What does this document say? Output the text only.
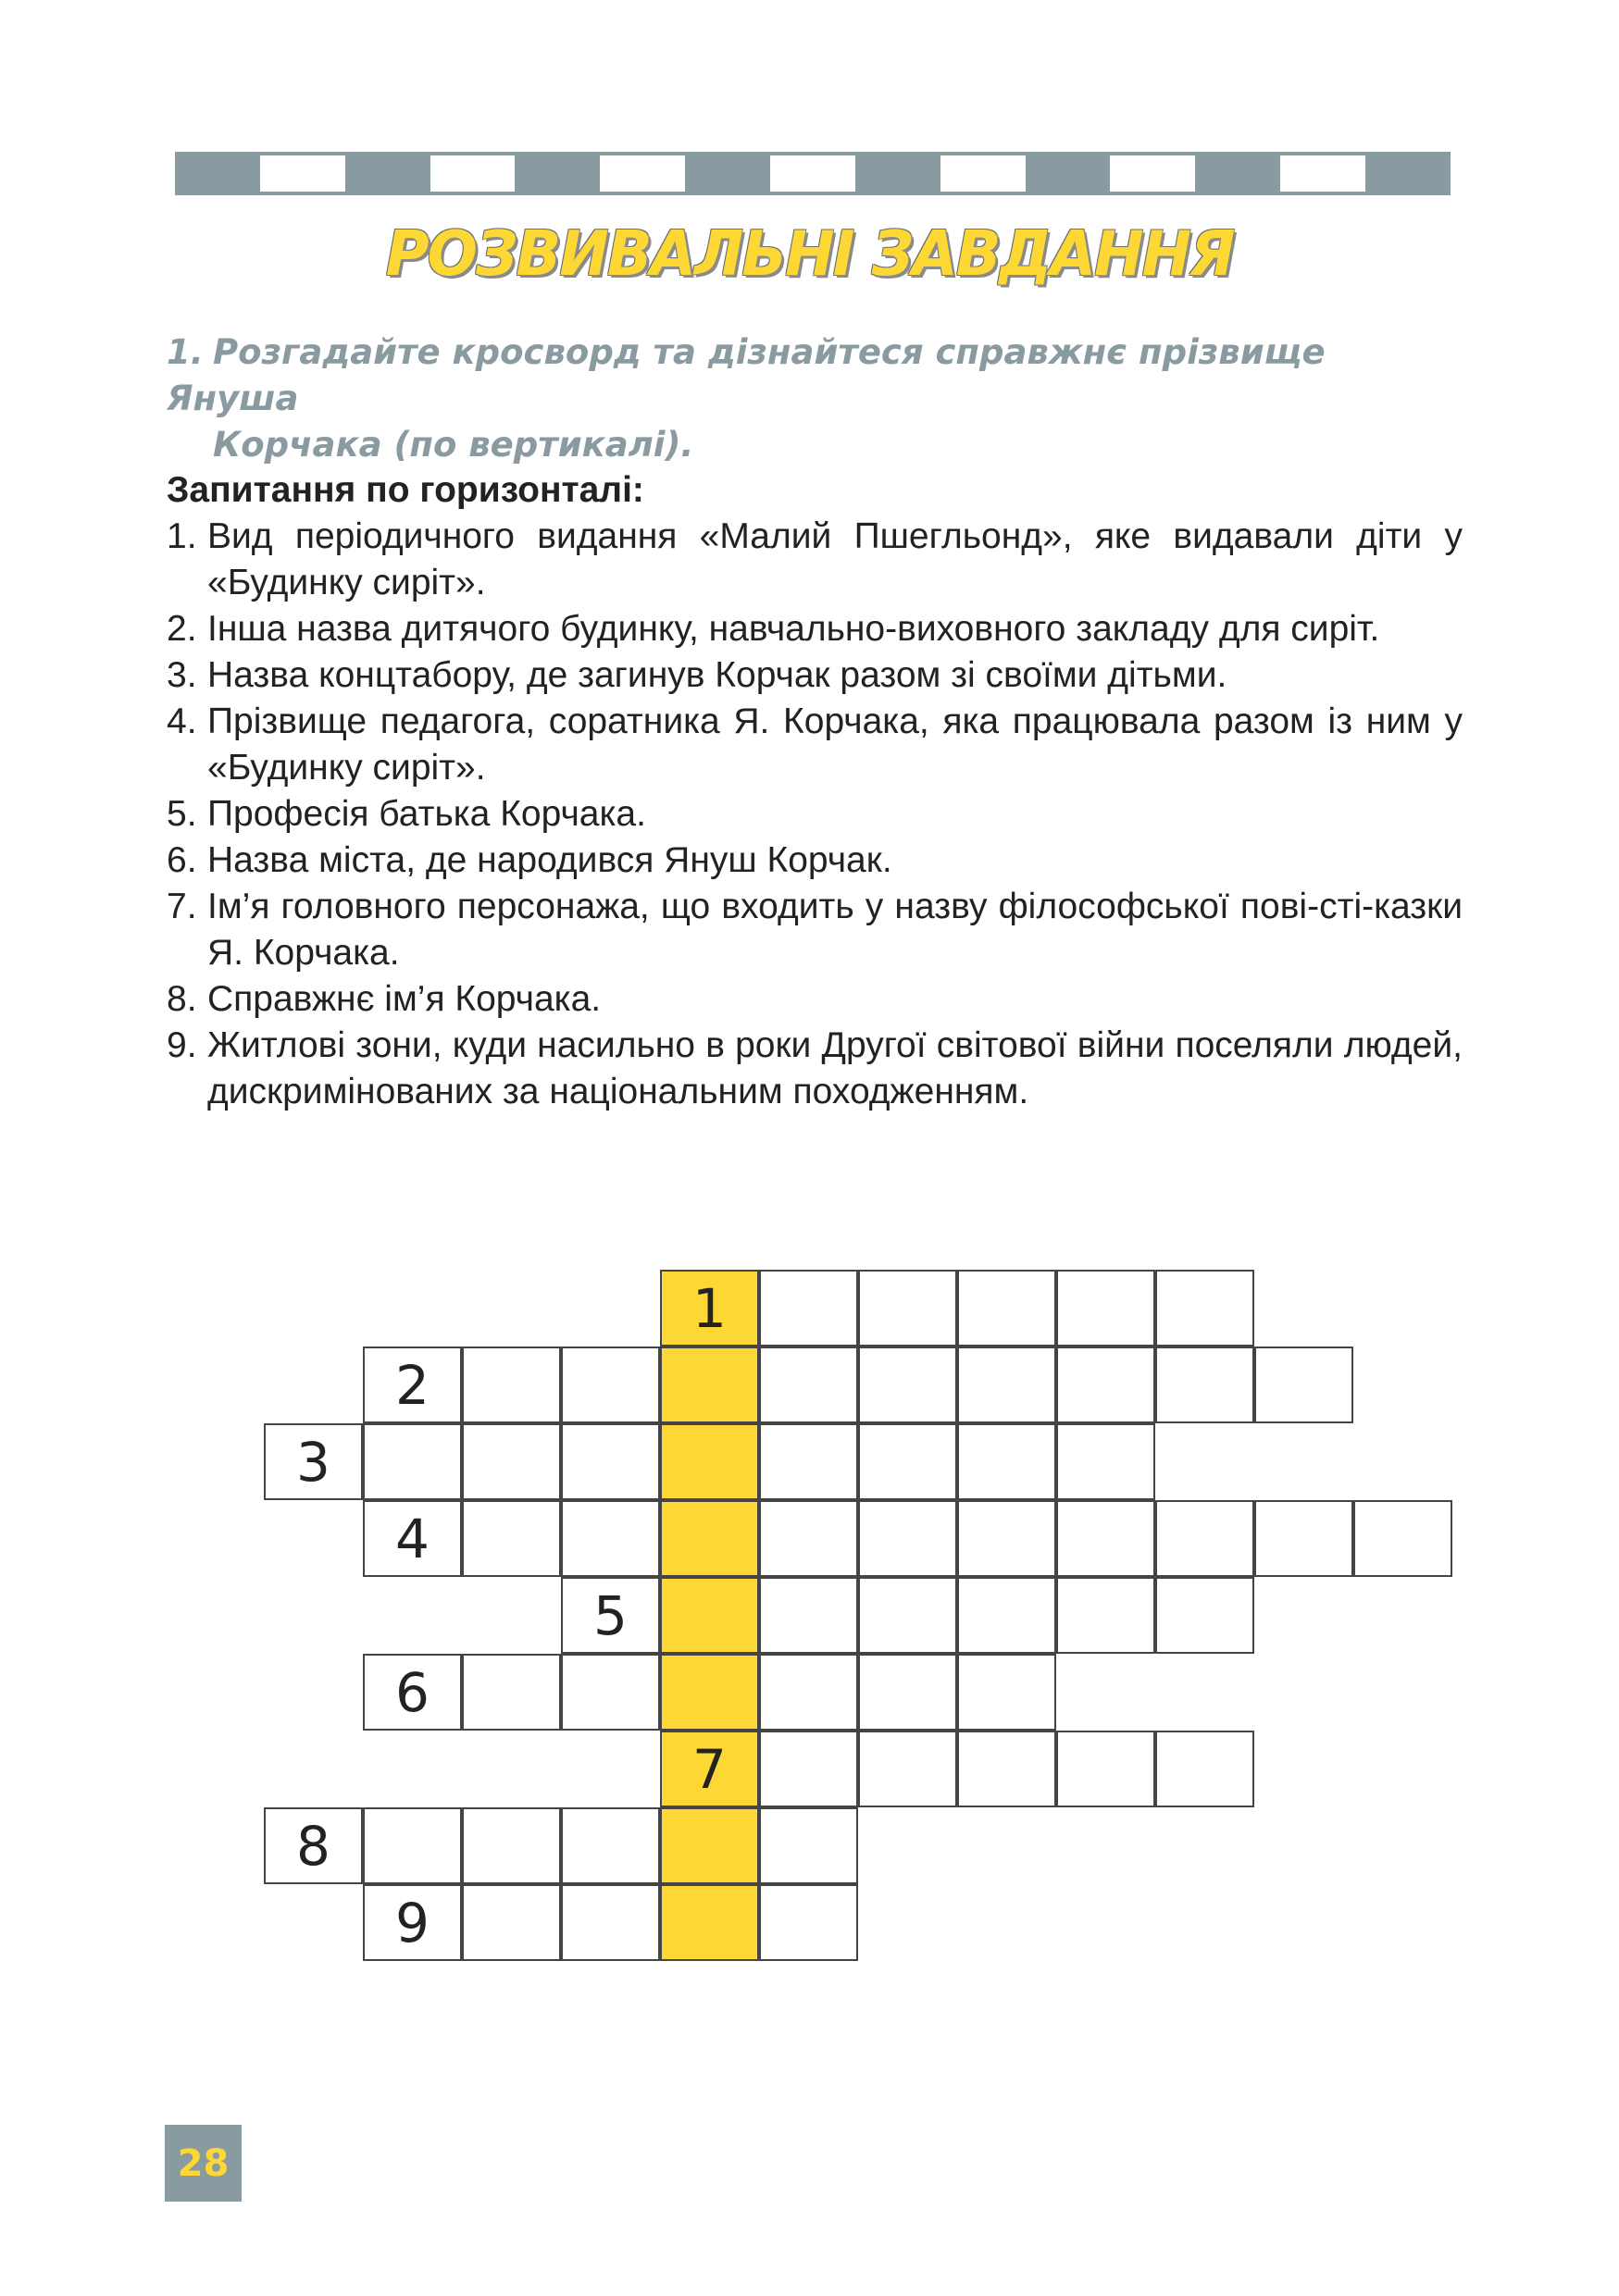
РОЗВИВАЛЬНІ ЗАВДАННЯ
1. Розгадайте кросворд та дізнайтеся справжнє прізвище Януша
Корчака (по вертикалі).
Запитання по горизонталі:
1. Вид періодичного видання «Малий Пшегльонд», яке видавали діти у «Будинку сиріт».
2. Інша назва дитячого будинку, навчально-виховного закладу для сиріт.
3. Назва концтабору, де загинув Корчак разом зі своїми дітьми.
4. Прізвище педагога, соратника Я. Корчака, яка працювала разом із ним у «Будинку сиріт».
5. Професія батька Корчака.
6. Назва міста, де народився Януш Корчак.
7. Ім’я головного персонажа, що входить у назву філософської пові-сті-казки Я. Корчака.
8. Справжнє ім’я Корчака.
9. Житлові зони, куди насильно в роки Другої світової війни поселяли людей, дискримінованих за національним походженням.
1
2
3
4
5
6
7
8
9
28
